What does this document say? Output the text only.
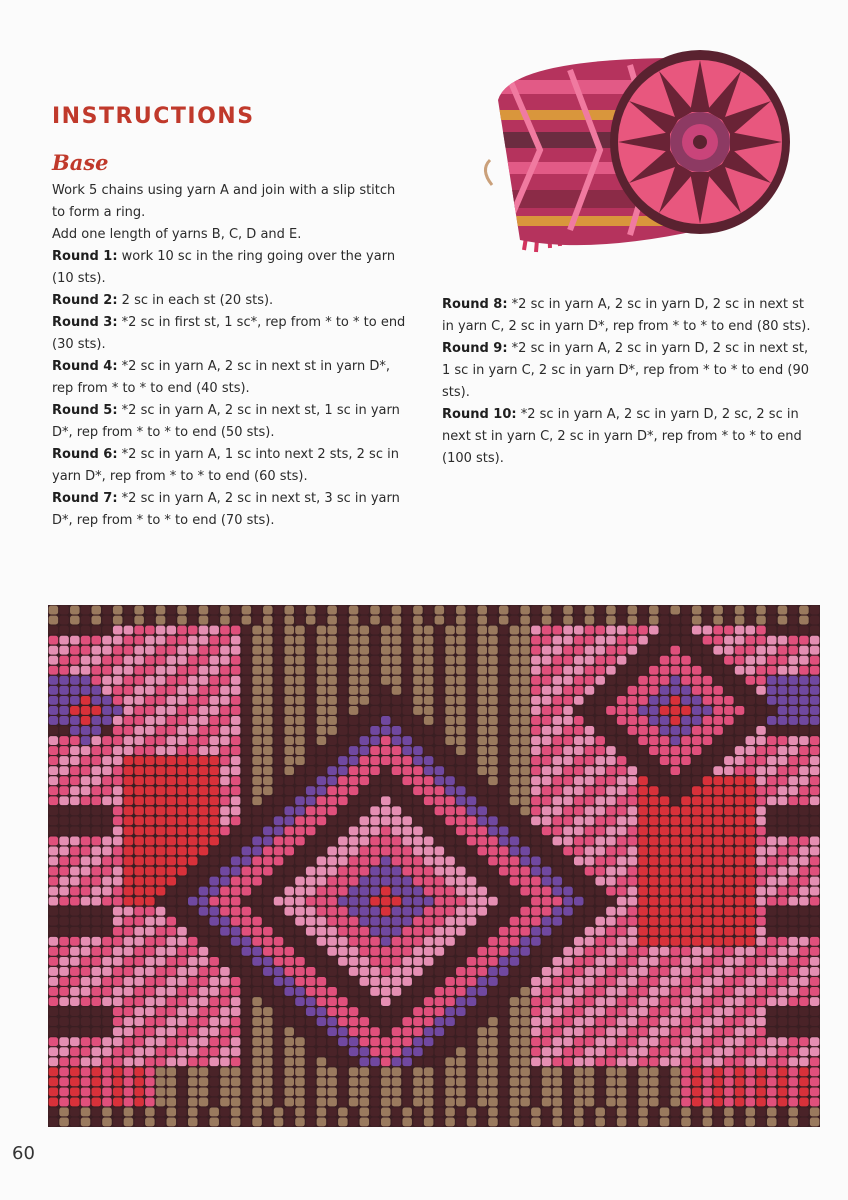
INSTRUCTIONS
Base

Work 5 chains using yarn A and join with a slip stitch to form a ring.

Add one length of yarns B, C, D and E.

Round 1: work 10 sc in the ring going over the yarn (10 sts).

Round 2: 2 sc in each st (20 sts).

Round 3: *2 sc in first st, 1 sc*, rep from * to * to end (30 sts).

Round 4: *2 sc in yarn A, 2 sc in next st in yarn D*, rep from * to * to end (40 sts).

Round 5: *2 sc in yarn A, 2 sc in next st, 1 sc in yarn D*, rep from * to * to end (50 sts).

Round 6: *2 sc in yarn A, 1 sc into next 2 sts, 2 sc in yarn D*, rep from * to * to end (60 sts).

Round 7: *2 sc in yarn A, 2 sc in next st, 3 sc in yarn D*, rep from * to * to end (70 sts).

Round 8: *2 sc in yarn A, 2 sc in yarn D, 2 sc in next st in yarn C, 2 sc in yarn D*, rep from * to * to end (80 sts).

Round 9: *2 sc in yarn A, 2 sc in yarn D, 2 sc in next st, 1 sc in yarn C, 2 sc in yarn D*, rep from * to * to end (90 sts).

Round 10: *2 sc in yarn A, 2 sc in yarn D, 2 sc, 2 sc in next st in yarn C, 2 sc in yarn D*, rep from * to * to end (100 sts).

60
